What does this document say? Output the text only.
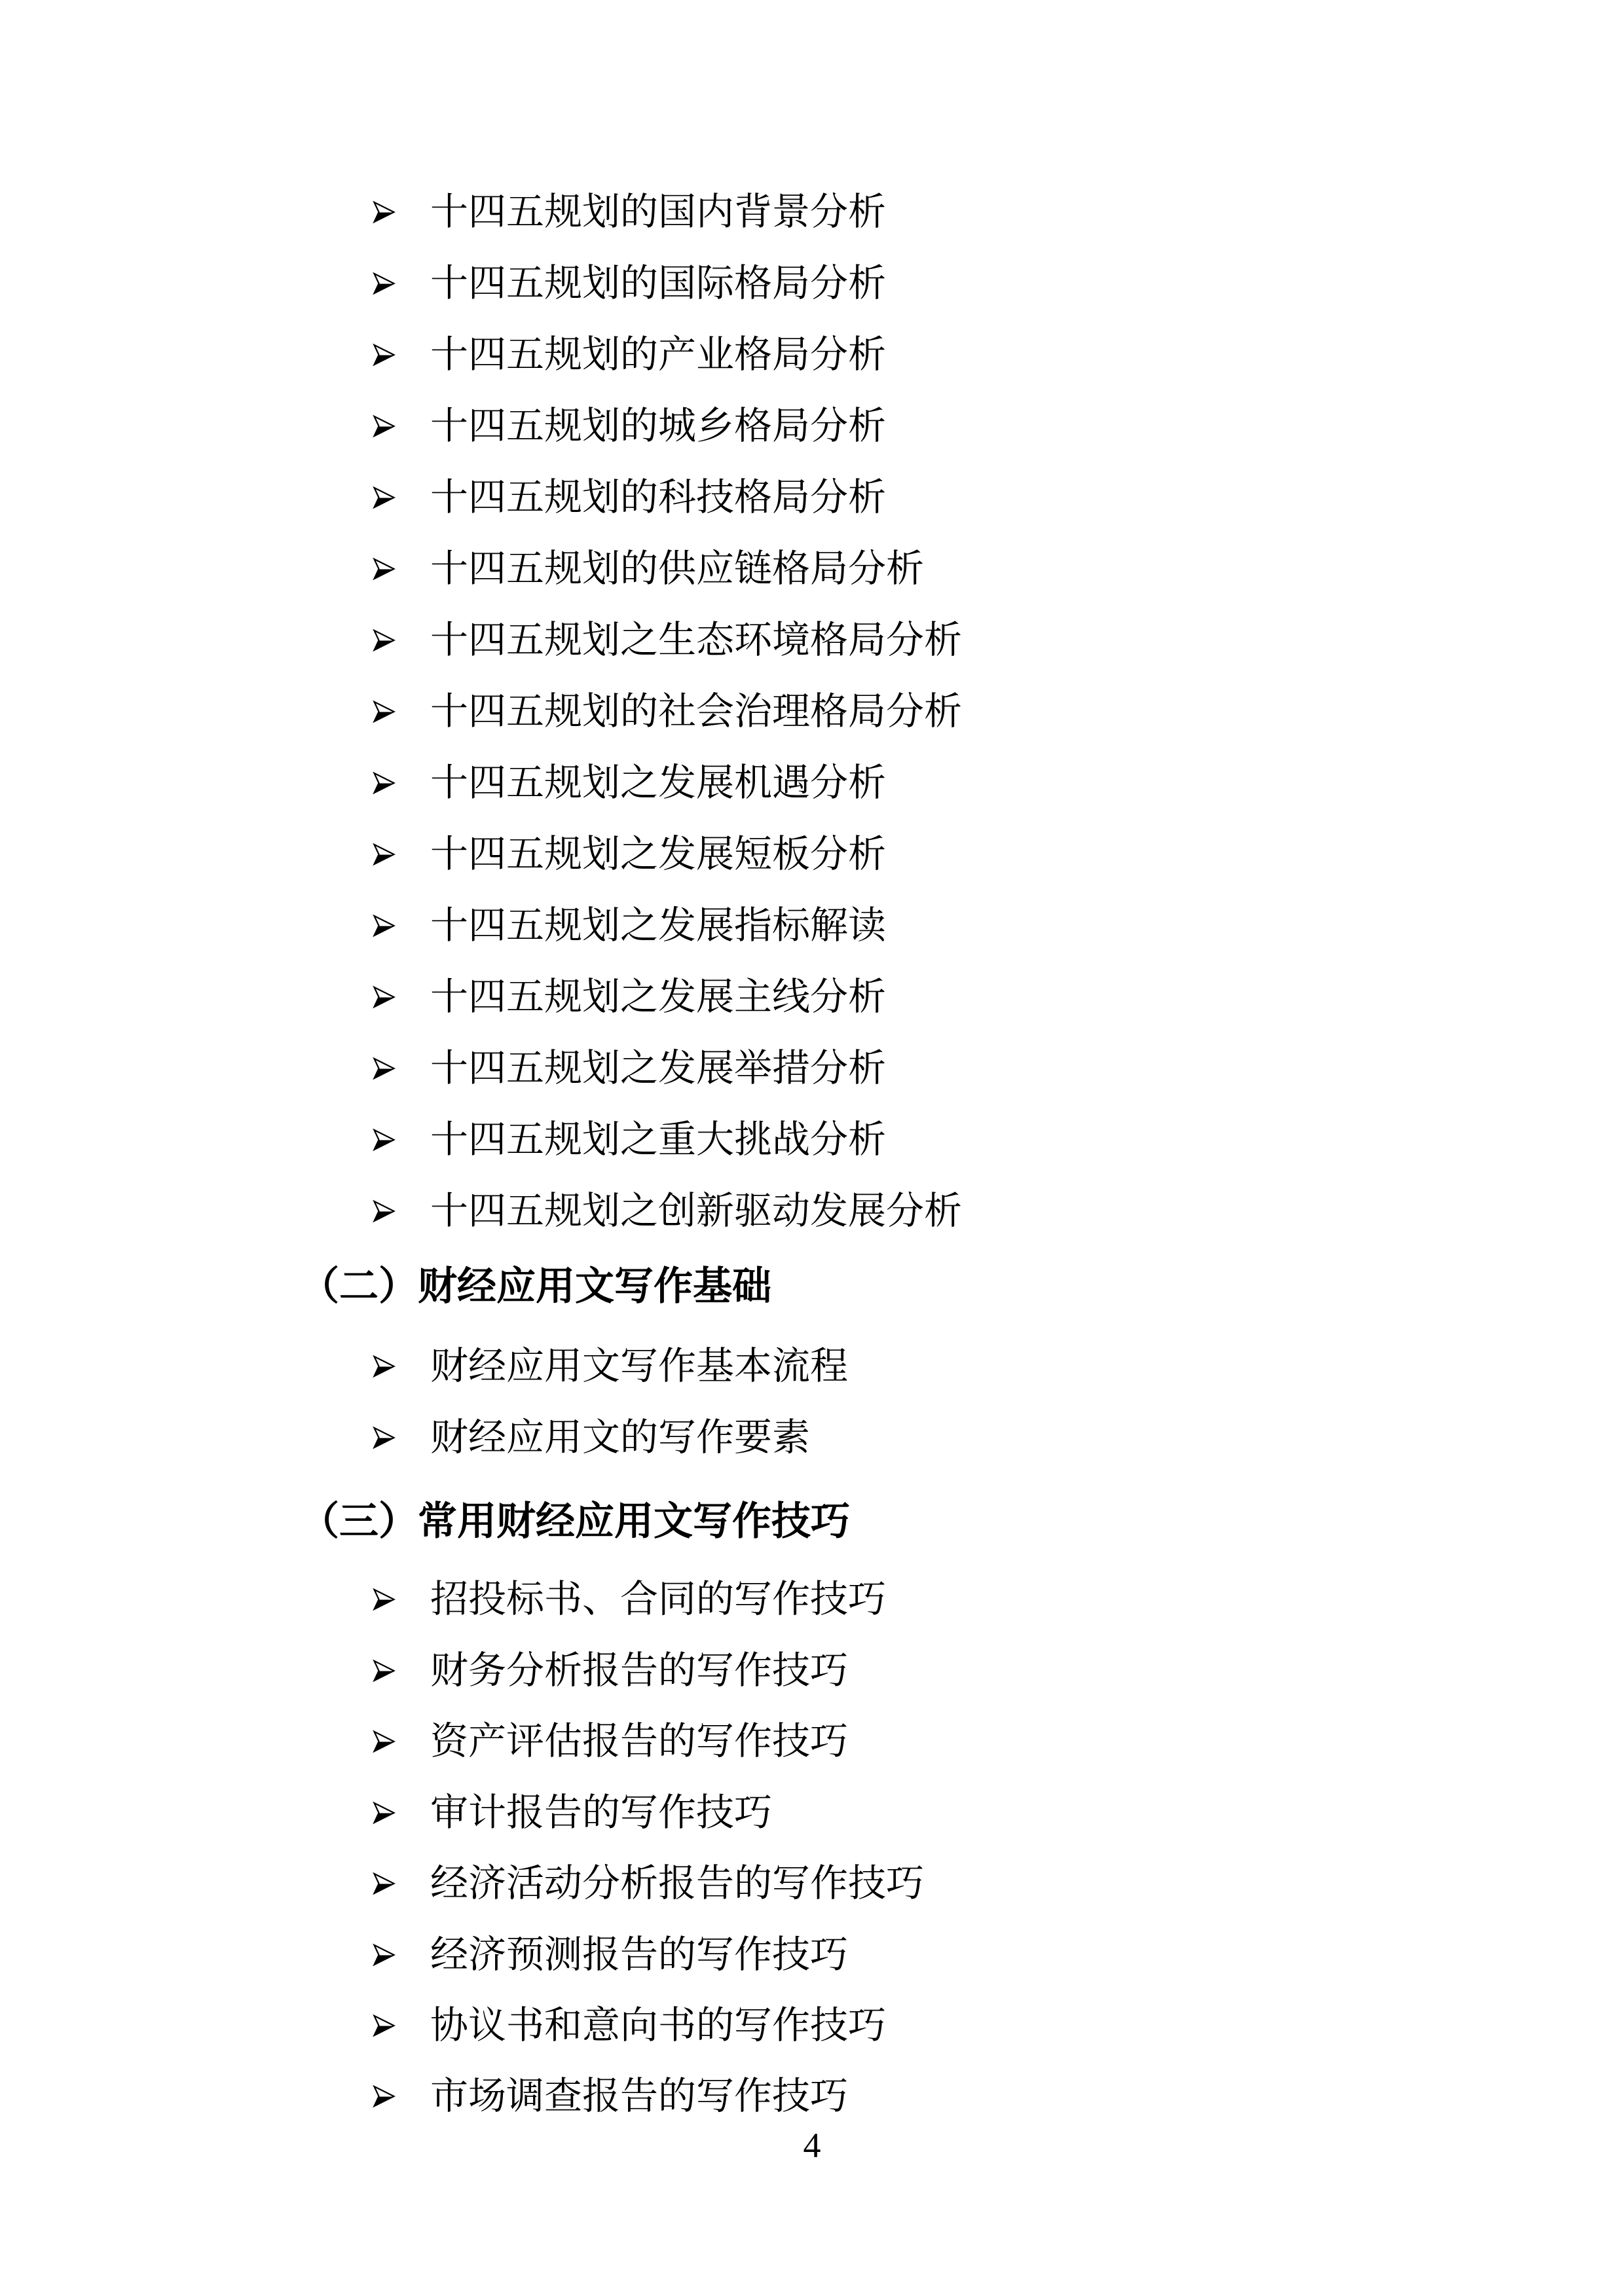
十四五规划的国内背景分析
十四五规划的国际格局分析
十四五规划的产业格局分析
十四五规划的城乡格局分析
十四五规划的科技格局分析
十四五规划的供应链格局分析
十四五规划之生态环境格局分析
十四五规划的社会治理格局分析
十四五规划之发展机遇分析
十四五规划之发展短板分析
十四五规划之发展指标解读
十四五规划之发展主线分析
十四五规划之发展举措分析
十四五规划之重大挑战分析
十四五规划之创新驱动发展分析
（二）财经应用文写作基础
财经应用文写作基本流程
财经应用文的写作要素
（三）常用财经应用文写作技巧
招投标书、合同的写作技巧
财务分析报告的写作技巧
资产评估报告的写作技巧
审计报告的写作技巧
经济活动分析报告的写作技巧
经济预测报告的写作技巧
协议书和意向书的写作技巧
市场调查报告的写作技巧
4
